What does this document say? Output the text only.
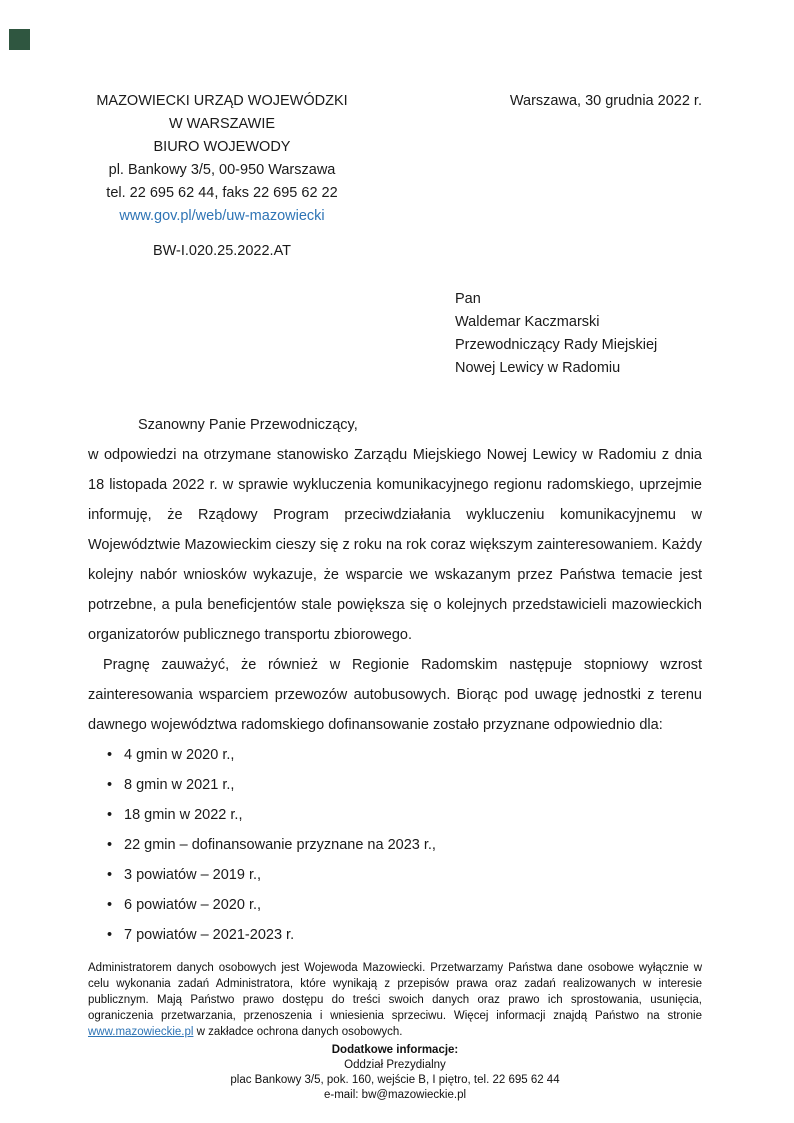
MAZOWIECKI URZĄD WOJEWÓDZKI
W WARSZAWIE
BIURO WOJEWODY
pl. Bankowy 3/5, 00-950 Warszawa
tel. 22 695 62 44, faks 22 695 62 22
www.gov.pl/web/uw-mazowiecki
BW-I.020.25.2022.AT
Warszawa, 30 grudnia 2022 r.
Pan
Waldemar Kaczmarski
Przewodniczący Rady Miejskiej
Nowej Lewicy w Radomiu

Szanowny Panie Przewodniczący,

w odpowiedzi na otrzymane stanowisko Zarządu Miejskiego Nowej Lewicy w Radomiu z dnia 18 listopada 2022 r. w sprawie wykluczenia komunikacyjnego regionu radomskiego, uprzejmie informuję, że Rządowy Program przeciwdziałania wykluczeniu komunikacyjnemu w Województwie Mazowieckim cieszy się z roku na rok coraz większym zainteresowaniem. Każdy kolejny nabór wniosków wykazuje, że wsparcie we wskazanym przez Państwa temacie jest potrzebne, a pula beneficjentów stale powiększa się o kolejnych przedstawicieli mazowieckich organizatorów publicznego transportu zbiorowego.

Pragnę zauważyć, że również w Regionie Radomskim następuje stopniowy wzrost zainteresowania wsparciem przewozów autobusowych. Biorąc pod uwagę jednostki z terenu dawnego województwa radomskiego dofinansowanie zostało przyznane odpowiednio dla:

• 4 gmin w 2020 r.,
• 8 gmin w 2021 r.,
• 18 gmin w 2022 r.,
• 22 gmin – dofinansowanie przyznane na 2023 r.,
• 3 powiatów – 2019 r.,
• 6 powiatów – 2020 r.,
• 7 powiatów – 2021-2023 r.

Administratorem danych osobowych jest Wojewoda Mazowiecki. Przetwarzamy Państwa dane osobowe wyłącznie w celu wykonania zadań Administratora, które wynikają z przepisów prawa oraz zadań realizowanych w interesie publicznym. Mają Państwo prawo dostępu do treści swoich danych oraz prawo ich sprostowania, usunięcia, ograniczenia przetwarzania, przenoszenia i wniesienia sprzeciwu. Więcej informacji znajdą Państwo na stronie www.mazowieckie.pl w zakładce ochrona danych osobowych.

Dodatkowe informacje:
Oddział Prezydialny
plac Bankowy 3/5, pok. 160, wejście B, I piętro, tel. 22 695 62 44
e-mail: bw@mazowieckie.pl
